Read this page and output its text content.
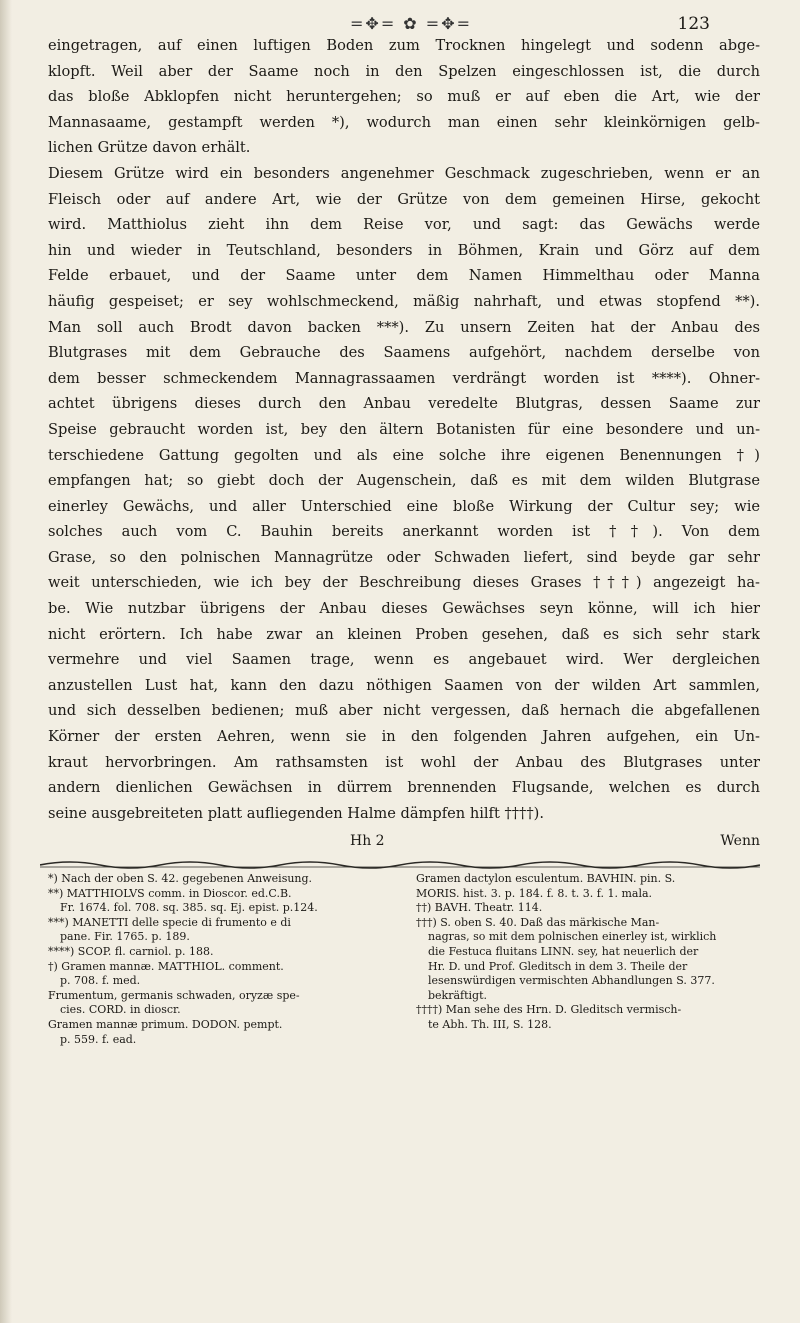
=✥= ✿ =✥=	123
eingetragen, auf einen luftigen Boden zum Trocknen hingelegt und sodenn abge-
klopft. Weil aber der Saame noch in den Spelzen eingeschlossen ist, die durch
das bloße Abklopfen nicht heruntergehen; so muß er auf eben die Art, wie der
Mannasaame, gestampft werden *), wodurch man einen sehr kleinkörnigen gelb-
lichen Grütze davon erhält.
Diesem Grütze wird ein besonders angenehmer Geschmack zugeschrieben, wenn er an
Fleisch oder auf andere Art, wie der Grütze von dem gemeinen Hirse, gekocht
wird. Matthiolus zieht ihn dem Reise vor, und sagt: das Gewächs werde
hin und wieder in Teutschland, besonders in Böhmen, Krain und Görz auf dem
Felde erbauet, und der Saame unter dem Namen Himmelthau oder Manna
häufig gespeiset; er sey wohlschmeckend, mäßig nahrhaft, und etwas stopfend **).
Man soll auch Brodt davon backen ***). Zu unsern Zeiten hat der Anbau des
Blutgrases mit dem Gebrauche des Saamens aufgehört, nachdem derselbe von
dem besser schmeckendem Mannagrassaamen verdrängt worden ist ****). Ohner-
achtet übrigens dieses durch den Anbau veredelte Blutgras, dessen Saame zur
Speise gebraucht worden ist, bey den ältern Botanisten für eine besondere und un-
terschiedene Gattung gegolten und als eine solche ihre eigenen Benennungen †)
empfangen hat; so giebt doch der Augenschein, daß es mit dem wilden Blutgrase
einerley Gewächs, und aller Unterschied eine bloße Wirkung der Cultur sey; wie
solches auch vom C. Bauhin bereits anerkannt worden ist ††). Von dem
Grase, so den polnischen Mannagrütze oder Schwaden liefert, sind beyde gar sehr
weit unterschieden, wie ich bey der Beschreibung dieses Grases †††) angezeigt ha-
be. Wie nutzbar übrigens der Anbau dieses Gewächses seyn könne, will ich hier
nicht erörtern. Ich habe zwar an kleinen Proben gesehen, daß es sich sehr stark
vermehre und viel Saamen trage, wenn es angebauet wird. Wer dergleichen
anzustellen Lust hat, kann den dazu nöthigen Saamen von der wilden Art sammlen,
und sich desselben bedienen; muß aber nicht vergessen, daß hernach die abgefallenen
Körner der ersten Aehren, wenn sie in den folgenden Jahren aufgehen, ein Un-
kraut hervorbringen. Am rathsamsten ist wohl der Anbau des Blutgrases unter
andern dienlichen Gewächsen in dürrem brennenden Flugsande, welchen es durch
seine ausgebreiteten platt aufliegenden Halme dämpfen hilft ††††).
Hh 2	Wenn
*) Nach der oben S. 42. gegebenen Anweisung.
**) MATTHIOLVS comm. in Dioscor. ed.C.B.
Fr. 1674. fol. 708. sq. 385. sq. Ej. epist. p.124.
***) MANETTI delle specie di frumento e di
pane. Fir. 1765. p. 189.
****) SCOP. fl. carniol. p. 188.
†) Gramen mannæ. MATTHIOL. comment.
p. 708. f. med.
Frumentum, germanis schwaden, oryzæ spe-
cies. CORD. in dioscr.
Gramen mannæ primum. DODON. pempt.
p. 559. f. ead.
Gramen dactylon esculentum. BAVHIN. pin. S.
MORIS. hist. 3. p. 184. f. 8. t. 3. f. 1. mala.
††) BAVH. Theatr. 114.
†††) S. oben S. 40. Daß das märkische Man-
nagras, so mit dem polnischen einerley ist, wirklich
die Festuca fluitans LINN. sey, hat neuerlich der
Hr. D. und Prof. Gleditsch in dem 3. Theile der
lesenswürdigen vermischten Abhandlungen S. 377.
bekräftigt.
††††) Man sehe des Hrn. D. Gleditsch vermisch-
te Abh. Th. III, S. 128.
